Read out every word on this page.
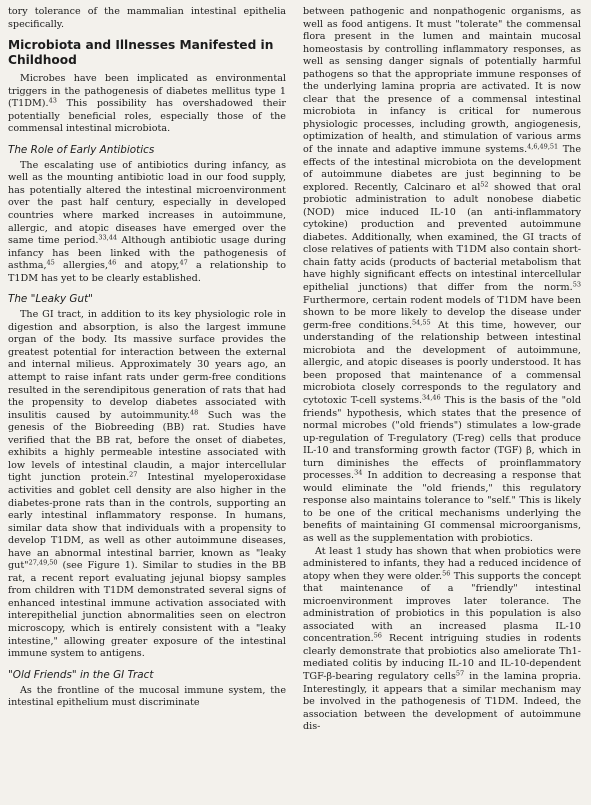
tory tolerance of the mammalian intestinal epithelia specifically.

Microbiota and Illnesses Manifested in Childhood

Microbes have been implicated as environmental triggers in the pathogenesis of diabetes mellitus type 1 (T1DM).$^{43}$ This possibility has overshadowed their potentially beneficial roles, especially those of the commensal intestinal microbiota.

The Role of Early Antibiotics

The escalating use of antibiotics during infancy, as well as the mounting antibiotic load in our food supply, has potentially altered the intestinal microenvironment over the past half century, especially in developed countries where marked increases in autoimmune, allergic, and atopic diseases have emerged over the same time period.$^{33,44}$ Although antibiotic usage during infancy has been linked with the pathogenesis of asthma,$^{45}$ allergies,$^{46}$ and atopy,$^{47}$ a relationship to T1DM has yet to be clearly established.

The "Leaky Gut"

The GI tract, in addition to its key physiologic role in digestion and absorption, is also the largest immune organ of the body. Its massive surface provides the greatest potential for interaction between the external and internal milieus. Approximately 30 years ago, an attempt to raise infant rats under germ-free conditions resulted in the serendipitous generation of rats that had the propensity to develop diabetes associated with insulitis caused by autoimmunity.$^{48}$ Such was the genesis of the Biobreeding (BB) rat. Studies have verified that the BB rat, before the onset of diabetes, exhibits a highly permeable intestine associated with low levels of intestinal claudin, a major intercellular tight junction protein.$^{27}$ Intestinal myeloperoxidase activities and goblet cell density are also higher in the diabetes-prone rats than in the controls, supporting an early intestinal inflammatory response. In humans, similar data show that individuals with a propensity to develop T1DM, as well as other autoimmune diseases, have an abnormal intestinal barrier, known as "leaky gut"$^{27,49,50}$ (see Figure 1). Similar to studies in the BB rat, a recent report evaluating jejunal biopsy samples from children with T1DM demonstrated several signs of enhanced intestinal immune activation associated with interepithelial junction abnormalities seen on electron microscopy, which is entirely consistent with a "leaky intestine," allowing greater exposure of the intestinal immune system to antigens.

"Old Friends" in the GI Tract

As the frontline of the mucosal immune system, the intestinal epithelium must discriminate

between pathogenic and nonpathogenic organisms, as well as food antigens. It must "tolerate" the commensal flora present in the lumen and maintain mucosal homeostasis by controlling inflammatory responses, as well as sensing danger signals of potentially harmful pathogens so that the appropriate immune responses of the underlying lamina propria are activated. It is now clear that the presence of a commensal intestinal microbiota in infancy is critical for numerous physiologic processes, including growth, angiogenesis, optimization of health, and stimulation of various arms of the innate and adaptive immune systems.$^{4,6,49,51}$ The effects of the intestinal microbiota on the development of autoimmune diabetes are just beginning to be explored. Recently, Calcinaro et $al^{52}$ showed that oral probiotic administration to adult nonobese diabetic (NOD) mice induced IL-10 (an anti-inflammatory cytokine) production and prevented autoimmune diabetes. Additionally, when examined, the GI tracts of close relatives of patients with T1DM also contain short-chain fatty acids (products of bacterial metabolism that have highly significant effects on intestinal intercellular epithelial junctions) that differ from the norm.$^{53}$ Furthermore, certain rodent models of T1DM have been shown to be more likely to develop the disease under germ-free conditions.$^{54,55}$ At this time, however, our understanding of the relationship between intestinal microbiota and the development of autoimmune, allergic, and atopic diseases is poorly understood. It has been proposed that maintenance of a commensal microbiota closely corresponds to the regulatory and cytotoxic T-cell systems.$^{34,46}$ This is the basis of the "old friends" hypothesis, which states that the presence of normal microbes ("old friends") stimulates a low-grade up-regulation of T-regulatory (T-reg) cells that produce IL-10 and transforming growth factor (TGF) β, which in turn diminishes the effects of proinflammatory processes.$^{34}$ In addition to decreasing a response that would eliminate the "old friends," this regulatory response also maintains tolerance to "self." This is likely to be one of the critical mechanisms underlying the benefits of maintaining GI commensal microorganisms, as well as the supplementation with probiotics.

At least 1 study has shown that when probiotics were administered to infants, they had a reduced incidence of atopy when they were older.$^{56}$ This supports the concept that maintenance of a "friendly" intestinal microenvironment improves later tolerance. The administration of probiotics in this population is also associated with an increased plasma IL-10 concentration.$^{56}$ Recent intriguing studies in rodents clearly demonstrate that probiotics also ameliorate Th1-mediated colitis by inducing IL-10 and IL-10-dependent TGF-β-bearing regulatory cells$^{57}$ in the lamina propria. Interestingly, it appears that a similar mechanism may be involved in the pathogenesis of T1DM. Indeed, the association between the development of autoimmune dis-
